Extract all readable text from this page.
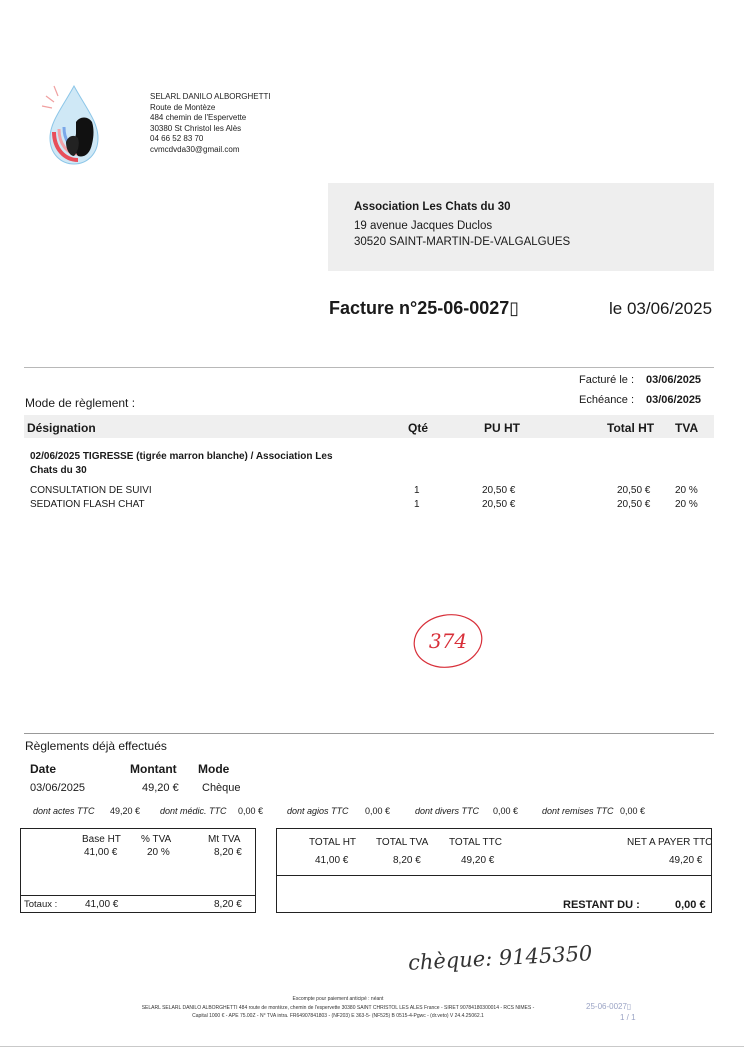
SELARL DANILO ALBORGHETTI
Route de Montèze
484 chemin de l'Espervette
30380 St Christol les Alès
04 66 52 83 70
cvmcdvda30@gmail.com
Association Les Chats du 30
19 avenue Jacques Duclos
30520 SAINT-MARTIN-DE-VALGALGUES
Facture n°25-06-0027▯	le 03/06/2025
Facturé le : 03/06/2025
Echéance : 03/06/2025
Mode de règlement :
Désignation	Qté	PU HT	Total HT TVA
02/06/2025 TIGRESSE (tigrée marron blanche) / Association Les
Chats du 30
CONSULTATION DE SUIVI	1	20,50 €	20,50 € 20 %
SEDATION FLASH CHAT	1	20,50 €	20,50 € 20 %
374
Règlements déjà effectués
Date	Montant Mode
03/06/2025	49,20 € Chèque
dont actes TTC 49,20 € dont médic. TTC 0,00 €	dont agios TTC 0,00 €	dont divers TTC 0,00 €	dont remises TTC 0,00 €
Base HT % TVA	Mt TVA
41,00 €	20 %	8,20 €
Totaux :	41,00 €	8,20 €
TOTAL HT TOTAL TVA TOTAL TTC	NET A PAYER TTC
41,00 €	8,20 €	49,20 €	49,20 €
RESTANT DU :	0,00 €
chèque: 9145350
Escompte pour paiement anticipé : néant
SELARL SELARL DANILO ALBORGHETTI 484 route de montèze, chemin de l'espervette 30380 SAINT CHRISTOL LES ALES France - SIRET 90784180300014 - RCS NIMES -
Capital 1000 € - APE 75.00Z - N° TVA intra. FR64907841803 - (NF203) E 363-5- (NF525) B 0515-4-Pgwc - (dr.veto) V 24.4.25062.1
25-06-0027▯
1 / 1
